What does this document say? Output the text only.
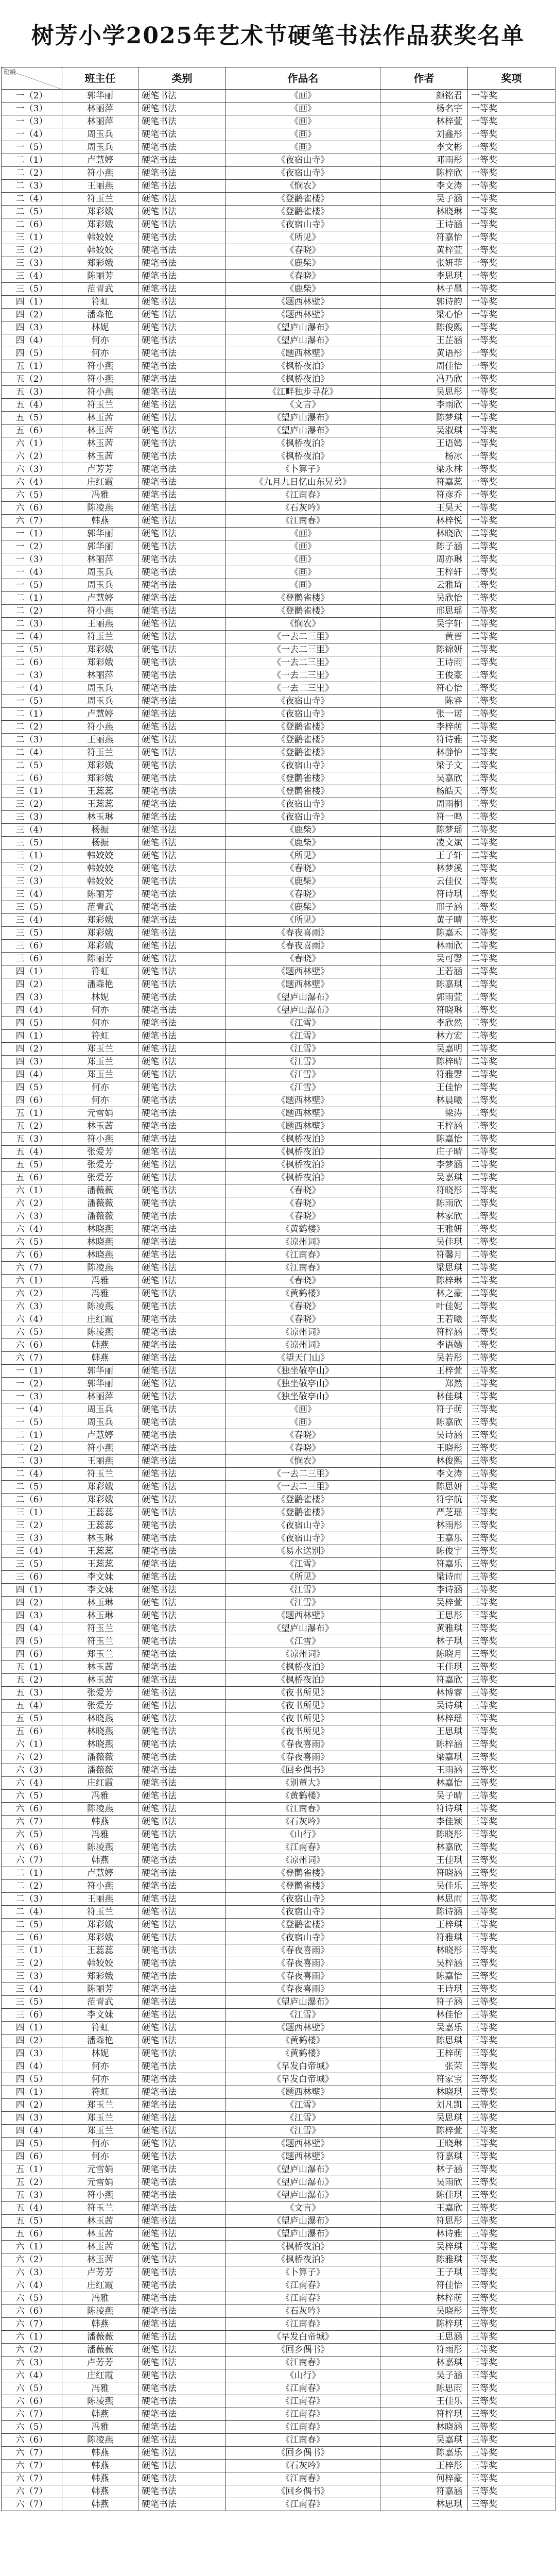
树芳小学2025年艺术节硬笔书法作品获奖名单
班级	班主任	类别	作品名	作者	奖项
一（2）	郭华丽	硬笔书法	《画》	颜铭君	一等奖
一（3）	林丽萍	硬笔书法	《画》	杨名宇	一等奖
一（3）	林丽萍	硬笔书法	《画》	林梓萱	一等奖
一（4）	周玉兵	硬笔书法	《画》	刘鑫彤	一等奖
一（5）	周玉兵	硬笔书法	《画》	李文彬	一等奖
二（1）	卢慧婷	硬笔书法	《夜宿山寺》	邓雨彤	一等奖
二（2）	符小燕	硬笔书法	《夜宿山寺》	陈梓欣	一等奖
二（3）	王丽燕	硬笔书法	《悯农》	李文涛	一等奖
二（4）	符玉兰	硬笔书法	《登鹳雀楼》	吴子涵	一等奖
二（5）	郑彩娥	硬笔书法	《登鹳雀楼》	林晓琳	一等奖
二（6）	郑彩娥	硬笔书法	《夜宿山寺》	王诗涵	一等奖
三（1）	韩姣姣	硬笔书法	《所见》	符嘉怡	一等奖
三（2）	韩姣姣	硬笔书法	《春晓》	黄梓萱	一等奖
三（3）	郑彩娥	硬笔书法	《鹿柴》	张妍菲	一等奖
三（4）	陈丽芳	硬笔书法	《春晓》	李思琪	一等奖
三（5）	范青武	硬笔书法	《鹿柴》	林子墨	一等奖
四（1）	符虹	硬笔书法	《题西林壁》	郭诗韵	一等奖
四（2）	潘森艳	硬笔书法	《题西林壁》	梁心怡	一等奖
四（3）	林妮	硬笔书法	《望庐山瀑布》	陈俊熙	一等奖
四（4）	何亦	硬笔书法	《望庐山瀑布》	王芷涵	一等奖
四（5）	何亦	硬笔书法	《题西林壁》	黄语彤	一等奖
五（1）	符小燕	硬笔书法	《枫桥夜泊》	周佳怡	一等奖
五（2）	符小燕	硬笔书法	《枫桥夜泊》	冯乃欣	一等奖
五（3）	符小燕	硬笔书法	《江畔独步寻花》	吴思彤	一等奖
五（4）	符玉兰	硬笔书法	《文言》	李雨欣	一等奖
五（5）	林玉茜	硬笔书法	《望庐山瀑布》	陈梦琪	一等奖
五（6）	林玉茜	硬笔书法	《望庐山瀑布》	吴淑琪	一等奖
六（1）	林玉茜	硬笔书法	《枫桥夜泊》	王语嫣	一等奖
六（2）	林玉茜	硬笔书法	《枫桥夜泊》	杨冰	一等奖
六（3）	卢芳芳	硬笔书法	《卜算子》	梁永林	一等奖
六（4）	庄红霞	硬笔书法	《九月九日忆山东兄弟》	符嘉蕊	一等奖
六（5）	冯雅	硬笔书法	《江南春》	符彦乔	一等奖
六（6）	陈凌燕	硬笔书法	《石灰吟》	王昊天	一等奖
六（7）	韩燕	硬笔书法	《江南春》	林梓悦	一等奖
一（1）	郭华丽	硬笔书法	《画》	林晓欣	二等奖
一（2）	郭华丽	硬笔书法	《画》	陈子涵	二等奖
一（3）	林丽萍	硬笔书法	《画》	周亦琳	二等奖
一（4）	周玉兵	硬笔书法	《画》	王梓轩	二等奖
一（5）	周玉兵	硬笔书法	《画》	云雅琦	二等奖
二（1）	卢慧婷	硬笔书法	《登鹳雀楼》	吴欣怡	二等奖
二（2）	符小燕	硬笔书法	《登鹳雀楼》	邢思瑶	二等奖
二（3）	王丽燕	硬笔书法	《悯农》	吴宇轩	二等奖
二（4）	符玉兰	硬笔书法	《一去二三里》	黄晋	二等奖
二（5）	郑彩娥	硬笔书法	《一去二三里》	陈锦妍	二等奖
二（6）	郑彩娥	硬笔书法	《一去二三里》	王诗雨	二等奖
一（3）	林丽萍	硬笔书法	《一去二三里》	王俊豪	二等奖
一（4）	周玉兵	硬笔书法	《一去二三里》	符心怡	二等奖
一（5）	周玉兵	硬笔书法	《夜宿山寺》	陈睿	二等奖
二（1）	卢慧婷	硬笔书法	《夜宿山寺》	张一诺	二等奖
二（2）	符小燕	硬笔书法	《登鹳雀楼》	李梓萌	二等奖
二（3）	王丽燕	硬笔书法	《登鹳雀楼》	符诗雅	二等奖
二（4）	符玉兰	硬笔书法	《登鹳雀楼》	林静怡	二等奖
二（5）	郑彩娥	硬笔书法	《夜宿山寺》	梁子文	二等奖
二（6）	郑彩娥	硬笔书法	《登鹳雀楼》	吴嘉欣	二等奖
三（1）	王蕊蕊	硬笔书法	《登鹳雀楼》	杨皓天	二等奖
三（2）	王蕊蕊	硬笔书法	《夜宿山寺》	周雨桐	二等奖
三（3）	林玉琳	硬笔书法	《夜宿山寺》	符一鸣	二等奖
三（4）	杨振	硬笔书法	《鹿柴》	陈梦瑶	二等奖
三（5）	杨振	硬笔书法	《鹿柴》	凌文斌	二等奖
三（1）	韩姣姣	硬笔书法	《所见》	王子轩	二等奖
三（2）	韩姣姣	硬笔书法	《春晓》	林梦溪	二等奖
三（3）	韩姣姣	硬笔书法	《鹿柴》	云佳仪	二等奖
三（4）	陈丽芳	硬笔书法	《春晓》	符诗琪	二等奖
三（5）	范青武	硬笔书法	《鹿柴》	邢子涵	二等奖
三（4）	郑彩娥	硬笔书法	《所见》	黄子晴	二等奖
三（5）	郑彩娥	硬笔书法	《春夜喜雨》	陈嘉禾	二等奖
三（6）	郑彩娥	硬笔书法	《春夜喜雨》	林雨欣	二等奖
三（6）	陈丽芳	硬笔书法	《春晓》	吴可馨	二等奖
四（1）	符虹	硬笔书法	《题西林壁》	王若涵	二等奖
四（2）	潘森艳	硬笔书法	《题西林壁》	陈嘉琪	二等奖
四（3）	林妮	硬笔书法	《望庐山瀑布》	郭雨萱	二等奖
四（4）	何亦	硬笔书法	《望庐山瀑布》	符晓琳	二等奖
四（5）	何亦	硬笔书法	《江雪》	李欣然	二等奖
四（1）	符虹	硬笔书法	《江雪》	林方宏	二等奖
四（2）	郑玉兰	硬笔书法	《江雪》	吴嘉明	二等奖
四（3）	郑玉兰	硬笔书法	《江雪》	陈梓晴	二等奖
四（4）	郑玉兰	硬笔书法	《江雪》	符雅馨	二等奖
四（5）	何亦	硬笔书法	《江雪》	王佳怡	二等奖
四（6）	何亦	硬笔书法	《题西林壁》	林晨曦	二等奖
五（1）	元雪娟	硬笔书法	《题西林壁》	梁涛	二等奖
五（2）	林玉茜	硬笔书法	《题西林壁》	王梓涵	二等奖
五（3）	符小燕	硬笔书法	《枫桥夜泊》	陈嘉怡	二等奖
五（4）	张爱芳	硬笔书法	《枫桥夜泊》	庄子晴	二等奖
五（5）	张爱芳	硬笔书法	《枫桥夜泊》	李梦涵	二等奖
五（6）	张爱芳	硬笔书法	《枫桥夜泊》	吴嘉琪	二等奖
六（1）	潘薇薇	硬笔书法	《春晓》	符晓彤	二等奖
六（2）	潘薇薇	硬笔书法	《春晓》	陈雨欣	二等奖
六（3）	潘薇薇	硬笔书法	《春晓》	林家欣	二等奖
六（4）	林晓燕	硬笔书法	《黄鹤楼》	王雅妍	二等奖
六（5）	林晓燕	硬笔书法	《凉州词》	吴佳琪	二等奖
六（6）	林晓燕	硬笔书法	《江南春》	符馨月	二等奖
六（7）	陈凌燕	硬笔书法	《江南春》	梁思琪	二等奖
六（1）	冯雅	硬笔书法	《春晓》	陈梓琳	二等奖
六（2）	冯雅	硬笔书法	《黄鹤楼》	林之豪	二等奖
六（3）	陈凌燕	硬笔书法	《春晓》	叶佳妮	二等奖
六（4）	庄红霞	硬笔书法	《春晓》	王若曦	二等奖
六（5）	陈凌燕	硬笔书法	《凉州词》	符梓涵	二等奖
六（6）	韩燕	硬笔书法	《凉州词》	李语嫣	二等奖
六（7）	韩燕	硬笔书法	《望天门山》	吴若彤	二等奖
一（1）	郭华丽	硬笔书法	《独坐敬亭山》	王梓萱	三等奖
一（2）	郭华丽	硬笔书法	《独坐敬亭山》	郑然	三等奖
一（3）	林丽萍	硬笔书法	《独坐敬亭山》	林佳琪	三等奖
一（4）	周玉兵	硬笔书法	《画》	符子萌	三等奖
一（5）	周玉兵	硬笔书法	《画》	陈嘉欣	三等奖
二（1）	卢慧婷	硬笔书法	《春晓》	吴诗涵	三等奖
二（2）	符小燕	硬笔书法	《春晓》	王晓彤	三等奖
二（3）	王丽燕	硬笔书法	《悯农》	林俊熙	三等奖
二（4）	符玉兰	硬笔书法	《一去二三里》	李文涛	三等奖
二（5）	郑彩娥	硬笔书法	《一去二三里》	陈思妍	三等奖
二（6）	郑彩娥	硬笔书法	《登鹳雀楼》	符宇航	三等奖
三（1）	王蕊蕊	硬笔书法	《登鹳雀楼》	严芝瑶	三等奖
三（2）	王蕊蕊	硬笔书法	《夜宿山寺》	林雨彤	三等奖
三（3）	林玉琳	硬笔书法	《夜宿山寺》	王嘉乐	三等奖
三（4）	王蕊蕊	硬笔书法	《易水送别》	陈俊宇	三等奖
三（5）	王蕊蕊	硬笔书法	《江雪》	符嘉乐	三等奖
三（6）	李文妹	硬笔书法	《所见》	梁诗雨	三等奖
四（1）	李文妹	硬笔书法	《江雪》	李诗涵	三等奖
四（2）	林玉琳	硬笔书法	《江雪》	吴梓萱	三等奖
四（3）	林玉琳	硬笔书法	《题西林壁》	王思彤	三等奖
四（4）	符玉兰	硬笔书法	《望庐山瀑布》	黄雅琪	三等奖
四（5）	符玉兰	硬笔书法	《江雪》	林子琪	三等奖
四（6）	郑玉兰	硬笔书法	《凉州词》	陈晓月	三等奖
五（1）	林玉茜	硬笔书法	《枫桥夜泊》	王佳琪	三等奖
五（2）	林玉茜	硬笔书法	《枫桥夜泊》	符嘉欣	三等奖
五（3）	张爱芳	硬笔书法	《夜书所见》	林博睿	三等奖
五（4）	张爱芳	硬笔书法	《夜书所见》	吴诗琪	三等奖
五（5）	林晓燕	硬笔书法	《夜书所见》	林梓瑶	三等奖
五（6）	林晓燕	硬笔书法	《夜书所见》	王思琪	三等奖
六（1）	林晓燕	硬笔书法	《春夜喜雨》	陈梓涵	三等奖
六（2）	潘薇薇	硬笔书法	《春夜喜雨》	梁嘉琪	三等奖
六（3）	潘薇薇	硬笔书法	《回乡偶书》	王雨涵	三等奖
六（4）	庄红霞	硬笔书法	《别董大》	林嘉怡	三等奖
六（5）	冯雅	硬笔书法	《黄鹤楼》	吴子晴	三等奖
六（6）	陈凌燕	硬笔书法	《江南春》	符诗琪	三等奖
六（7）	韩燕	硬笔书法	《石灰吟》	李佳颖	三等奖
六（5）	冯雅	硬笔书法	《山行》	陈晓彤	三等奖
六（6）	陈凌燕	硬笔书法	《江南春》	林嘉欣	三等奖
六（7）	韩燕	硬笔书法	《凉州词》	王佳琪	三等奖
二（1）	卢慧婷	硬笔书法	《登鹳雀楼》	符晓涵	三等奖
二（2）	符小燕	硬笔书法	《登鹳雀楼》	吴佳乐	三等奖
二（3）	王丽燕	硬笔书法	《夜宿山寺》	林思雨	三等奖
二（4）	符玉兰	硬笔书法	《夜宿山寺》	陈诗涵	三等奖
二（5）	郑彩娥	硬笔书法	《登鹳雀楼》	王梓琪	三等奖
二（6）	郑彩娥	硬笔书法	《夜宿山寺》	符雅琪	三等奖
三（1）	王蕊蕊	硬笔书法	《春夜喜雨》	林晓彤	三等奖
三（2）	韩姣姣	硬笔书法	《春夜喜雨》	吴梓涵	三等奖
三（3）	郑彩娥	硬笔书法	《春夜喜雨》	陈嘉怡	三等奖
三（4）	陈丽芳	硬笔书法	《春夜喜雨》	王诗琪	三等奖
三（5）	范青武	硬笔书法	《望庐山瀑布》	符子涵	三等奖
三（6）	李文妹	硬笔书法	《江雪》	林佳怡	三等奖
四（1）	符虹	硬笔书法	《题西林壁》	吴嘉乐	三等奖
四（2）	潘森艳	硬笔书法	《黄鹤楼》	陈思琪	三等奖
四（3）	林妮	硬笔书法	《黄鹤楼》	王梓萌	三等奖
四（4）	何亦	硬笔书法	《早发白帝城》	张荣	三等奖
四（5）	何亦	硬笔书法	《早发白帝城》	符家宝	三等奖
四（1）	符虹	硬笔书法	《题西林壁》	林晓琪	三等奖
四（2）	郑玉兰	硬笔书法	《江雪》	刘凡凯	三等奖
四（3）	郑玉兰	硬笔书法	《江雪》	吴思琪	三等奖
四（4）	郑玉兰	硬笔书法	《江雪》	陈梓萱	三等奖
四（5）	何亦	硬笔书法	《题西林壁》	王晓琳	三等奖
四（6）	何亦	硬笔书法	《题西林壁》	符嘉琪	三等奖
五（1）	元雪娟	硬笔书法	《望庐山瀑布》	林子涵	三等奖
五（2）	元雪娟	硬笔书法	《望庐山瀑布》	吴雨欣	三等奖
五（3）	符小燕	硬笔书法	《望庐山瀑布》	陈佳琪	三等奖
五（4）	符玉兰	硬笔书法	《文言》	王嘉欣	三等奖
五（5）	林玉茜	硬笔书法	《望庐山瀑布》	符思彤	三等奖
五（6）	林玉茜	硬笔书法	《望庐山瀑布》	林诗雅	三等奖
六（1）	林玉茜	硬笔书法	《枫桥夜泊》	吴梓琪	三等奖
六（2）	林玉茜	硬笔书法	《枫桥夜泊》	陈雅琪	三等奖
六（3）	卢芳芳	硬笔书法	《卜算子》	王子琪	三等奖
六（4）	庄红霞	硬笔书法	《江南春》	符佳怡	三等奖
六（5）	冯雅	硬笔书法	《江南春》	林梓萌	三等奖
六（6）	陈凌燕	硬笔书法	《石灰吟》	吴晓彤	三等奖
六（7）	韩燕	硬笔书法	《江南春》	陈梓琪	三等奖
六（1）	潘薇薇	硬笔书法	《早发白帝城》	王思涵	三等奖
六（2）	潘薇薇	硬笔书法	《回乡偶书》	符雨彤	三等奖
六（3）	卢芳芳	硬笔书法	《江南春》	林嘉琪	三等奖
六（4）	庄红霞	硬笔书法	《山行》	吴子涵	三等奖
六（5）	冯雅	硬笔书法	《江南春》	陈思雨	三等奖
六（6）	陈凌燕	硬笔书法	《江南春》	王佳乐	三等奖
六（7）	韩燕	硬笔书法	《江南春》	符梓琪	三等奖
六（5）	冯雅	硬笔书法	《江南春》	林晓涵	三等奖
六（6）	陈凌燕	硬笔书法	《江南春》	吴嘉琪	三等奖
六（7）	韩燕	硬笔书法	《回乡偶书》	陈嘉乐	三等奖
六（7）	韩燕	硬笔书法	《石灰吟》	王梓彤	三等奖
六（7）	韩燕	硬笔书法	《江南春》	何梓豪	三等奖
六（7）	韩燕	硬笔书法	《回乡偶书》	符嘉涵	三等奖
六（7）	韩燕	硬笔书法	《江南春》	林思琪	三等奖
